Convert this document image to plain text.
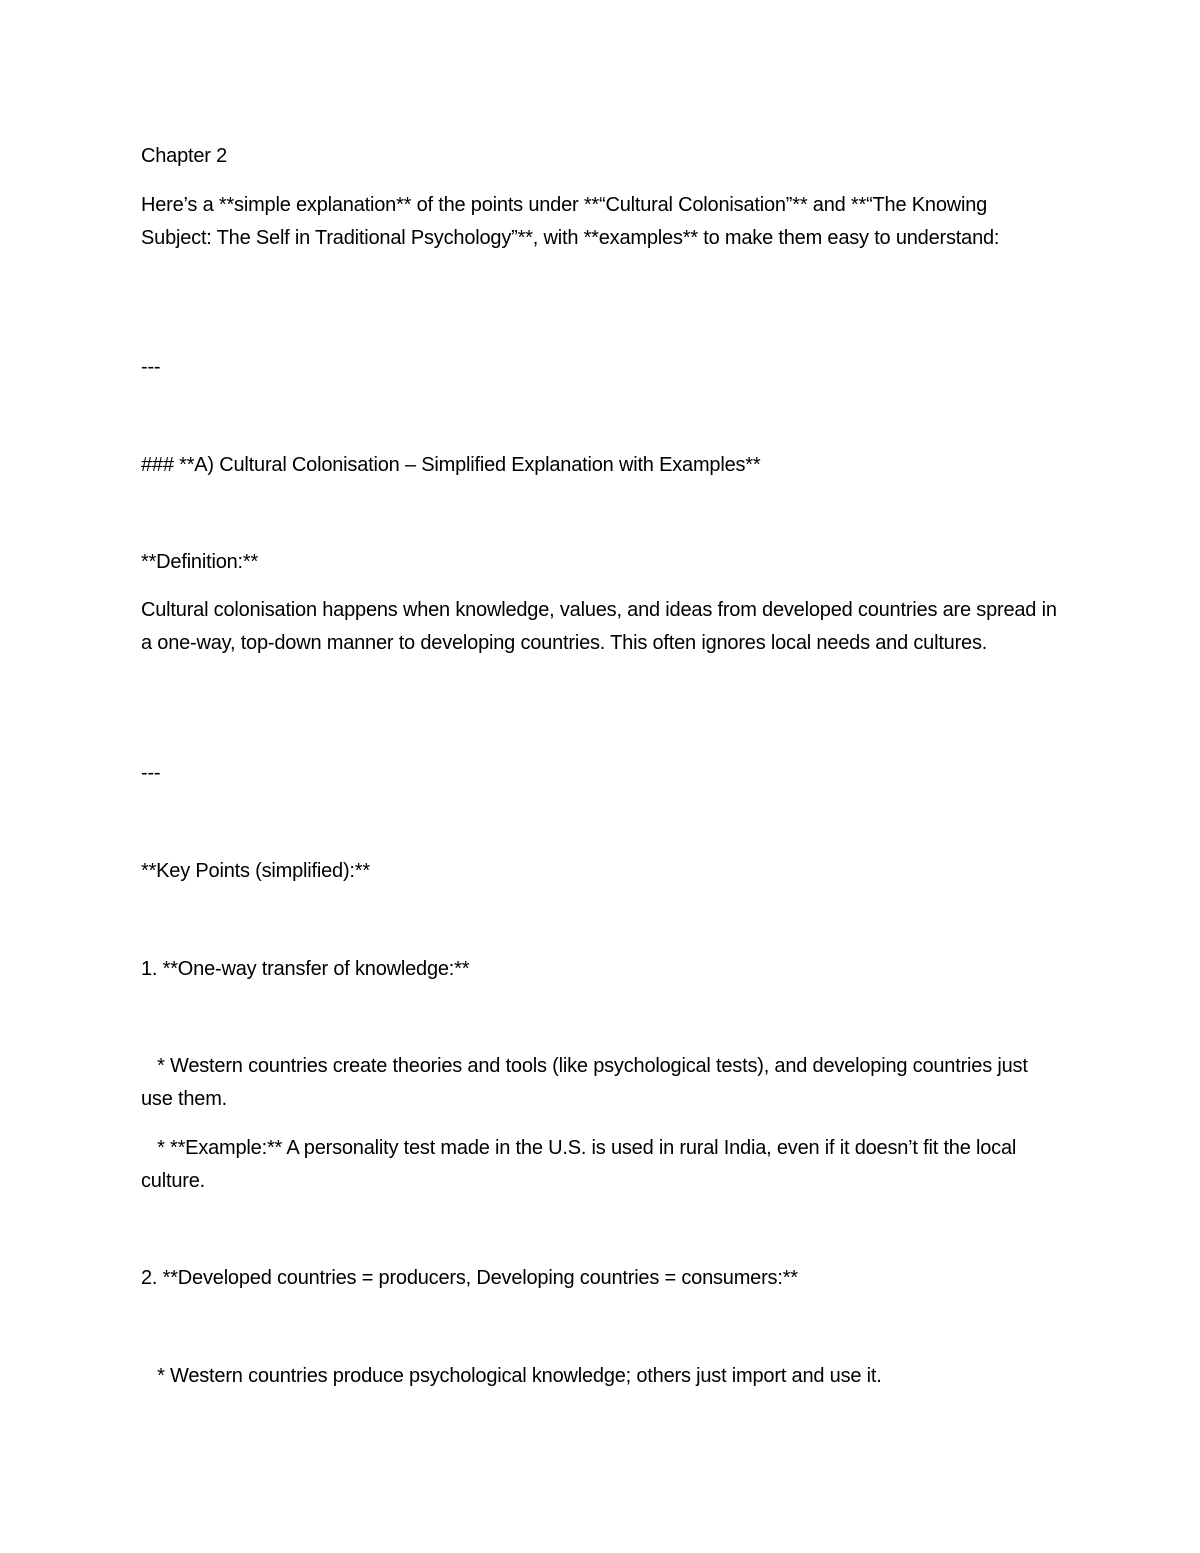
Chapter 2

Here’s a **simple explanation** of the points under **“Cultural Colonisation”** and **“The Knowing Subject: The Self in Traditional Psychology”**, with **examples** to make them easy to understand:

---

### **A) Cultural Colonisation – Simplified Explanation with Examples**

**Definition:**

Cultural colonisation happens when knowledge, values, and ideas from developed countries are spread in a one-way, top-down manner to developing countries. This often ignores local needs and cultures.

---

**Key Points (simplified):**

1. **One-way transfer of knowledge:**

* Western countries create theories and tools (like psychological tests), and developing countries just use them.

* **Example:** A personality test made in the U.S. is used in rural India, even if it doesn’t fit the local culture.

2. **Developed countries = producers, Developing countries = consumers:**

* Western countries produce psychological knowledge; others just import and use it.
